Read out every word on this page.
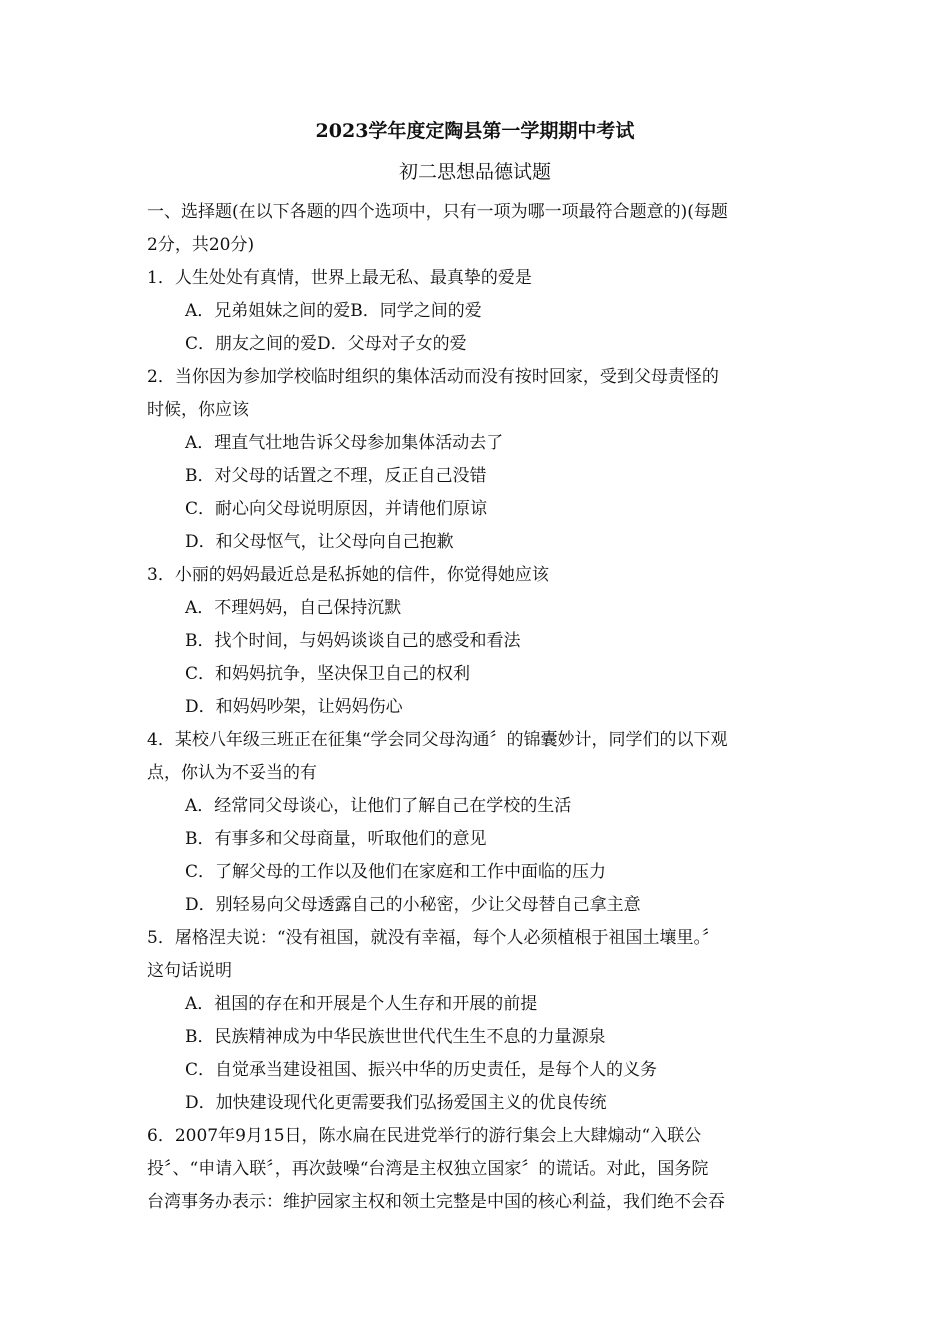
2023学年度定陶县第一学期期中考试
初二思想品德试题
一、选择题(在以下各题的四个选项中，只有一项为哪一项最符合题意的)(每题
2分，共20分)
1．人生处处有真情，世界上最无私、最真挚的爱是
A．兄弟姐妹之间的爱B．同学之间的爱
C．朋友之间的爱D．父母对子女的爱
2．当你因为参加学校临时组织的集体活动而没有按时回家，受到父母责怪的
时候，你应该
A．理直气壮地告诉父母参加集体活动去了
B．对父母的话置之不理，反正自己没错
C．耐心向父母说明原因，并请他们原谅
D．和父母怄气，让父母向自己抱歉
3．小丽的妈妈最近总是私拆她的信件，你觉得她应该
A．不理妈妈，自己保持沉默
B．找个时间，与妈妈谈谈自己的感受和看法
C．和妈妈抗争，坚决保卫自己的权利
D．和妈妈吵架，让妈妈伤心
4．某校八年级三班正在征集“学会同父母沟通〞的锦囊妙计，同学们的以下观
点，你认为不妥当的有
A．经常同父母谈心，让他们了解自己在学校的生活
B．有事多和父母商量，听取他们的意见
C．了解父母的工作以及他们在家庭和工作中面临的压力
D．别轻易向父母透露自己的小秘密，少让父母替自己拿主意
5．屠格涅夫说：“没有祖国，就没有幸福，每个人必须植根于祖国土壤里。〞
这句话说明
A．祖国的存在和开展是个人生存和开展的前提
B．民族精神成为中华民族世世代代生生不息的力量源泉
C．自觉承当建设祖国、振兴中华的历史责任，是每个人的义务
D．加快建设现代化更需要我们弘扬爱国主义的优良传统
6．2007年9月15日，陈水扁在民进党举行的游行集会上大肆煽动“入联公
投〞、“申请入联〞，再次鼓噪“台湾是主权独立国家〞的谎话。对此，国务院
台湾事务办表示：维护园家主权和领土完整是中国的核心利益，我们绝不会吞
